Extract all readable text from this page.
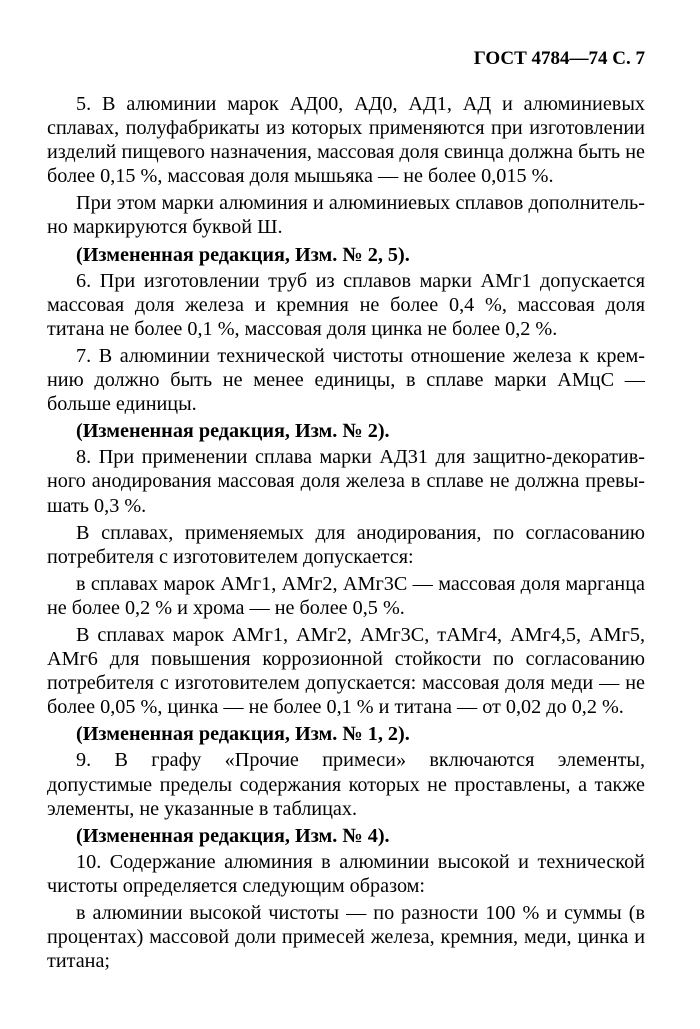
ГОСТ 4784—74 С. 7

5. В алюминии марок АД00, АД0, АД1, АД и алюминиевых сплавах, полуфабрикаты из которых применяются при изготовлении изделий пищевого назначения, массовая доля свинца должна быть не более 0,15 %, массовая доля мышьяка — не более 0,015 %.

При этом марки алюминия и алюминиевых сплавов дополнительно маркируются буквой Ш.

(Измененная редакция, Изм. № 2, 5).

6. При изготовлении труб из сплавов марки АМг1 допускается массовая доля железа и кремния не более 0,4 %, массовая доля титана не более 0,1 %, массовая доля цинка не более 0,2 %.

7. В алюминии технической чистоты отношение железа к кремнию должно быть не менее единицы, в сплаве марки АМцС — больше единицы.

(Измененная редакция, Изм. № 2).

8. При применении сплава марки АД31 для защитно-декоративного анодирования массовая доля железа в сплаве не должна превышать 0,3 %.

В сплавах, применяемых для анодирования, по согласованию потребителя с изготовителем допускается:

в сплавах марок АМг1, АМг2, АМг3С — массовая доля марганца не более 0,2 % и хрома — не более 0,5 %.

В сплавах марок АМг1, АМг2, АМг3С, тАМг4, АМг4,5, АМг5, АМг6 для повышения коррозионной стойкости по согласованию потребителя с изготовителем допускается: массовая доля меди — не более 0,05 %, цинка — не более 0,1 % и титана — от 0,02 до 0,2 %.

(Измененная редакция, Изм. № 1, 2).

9. В графу «Прочие примеси» включаются элементы, допустимые пределы содержания которых не проставлены, а также элементы, не указанные в таблицах.

(Измененная редакция, Изм. № 4).

10. Содержание алюминия в алюминии высокой и технической чистоты определяется следующим образом:

в алюминии высокой чистоты — по разности 100 % и суммы (в процентах) массовой доли примесей железа, кремния, меди, цинка и титана;
